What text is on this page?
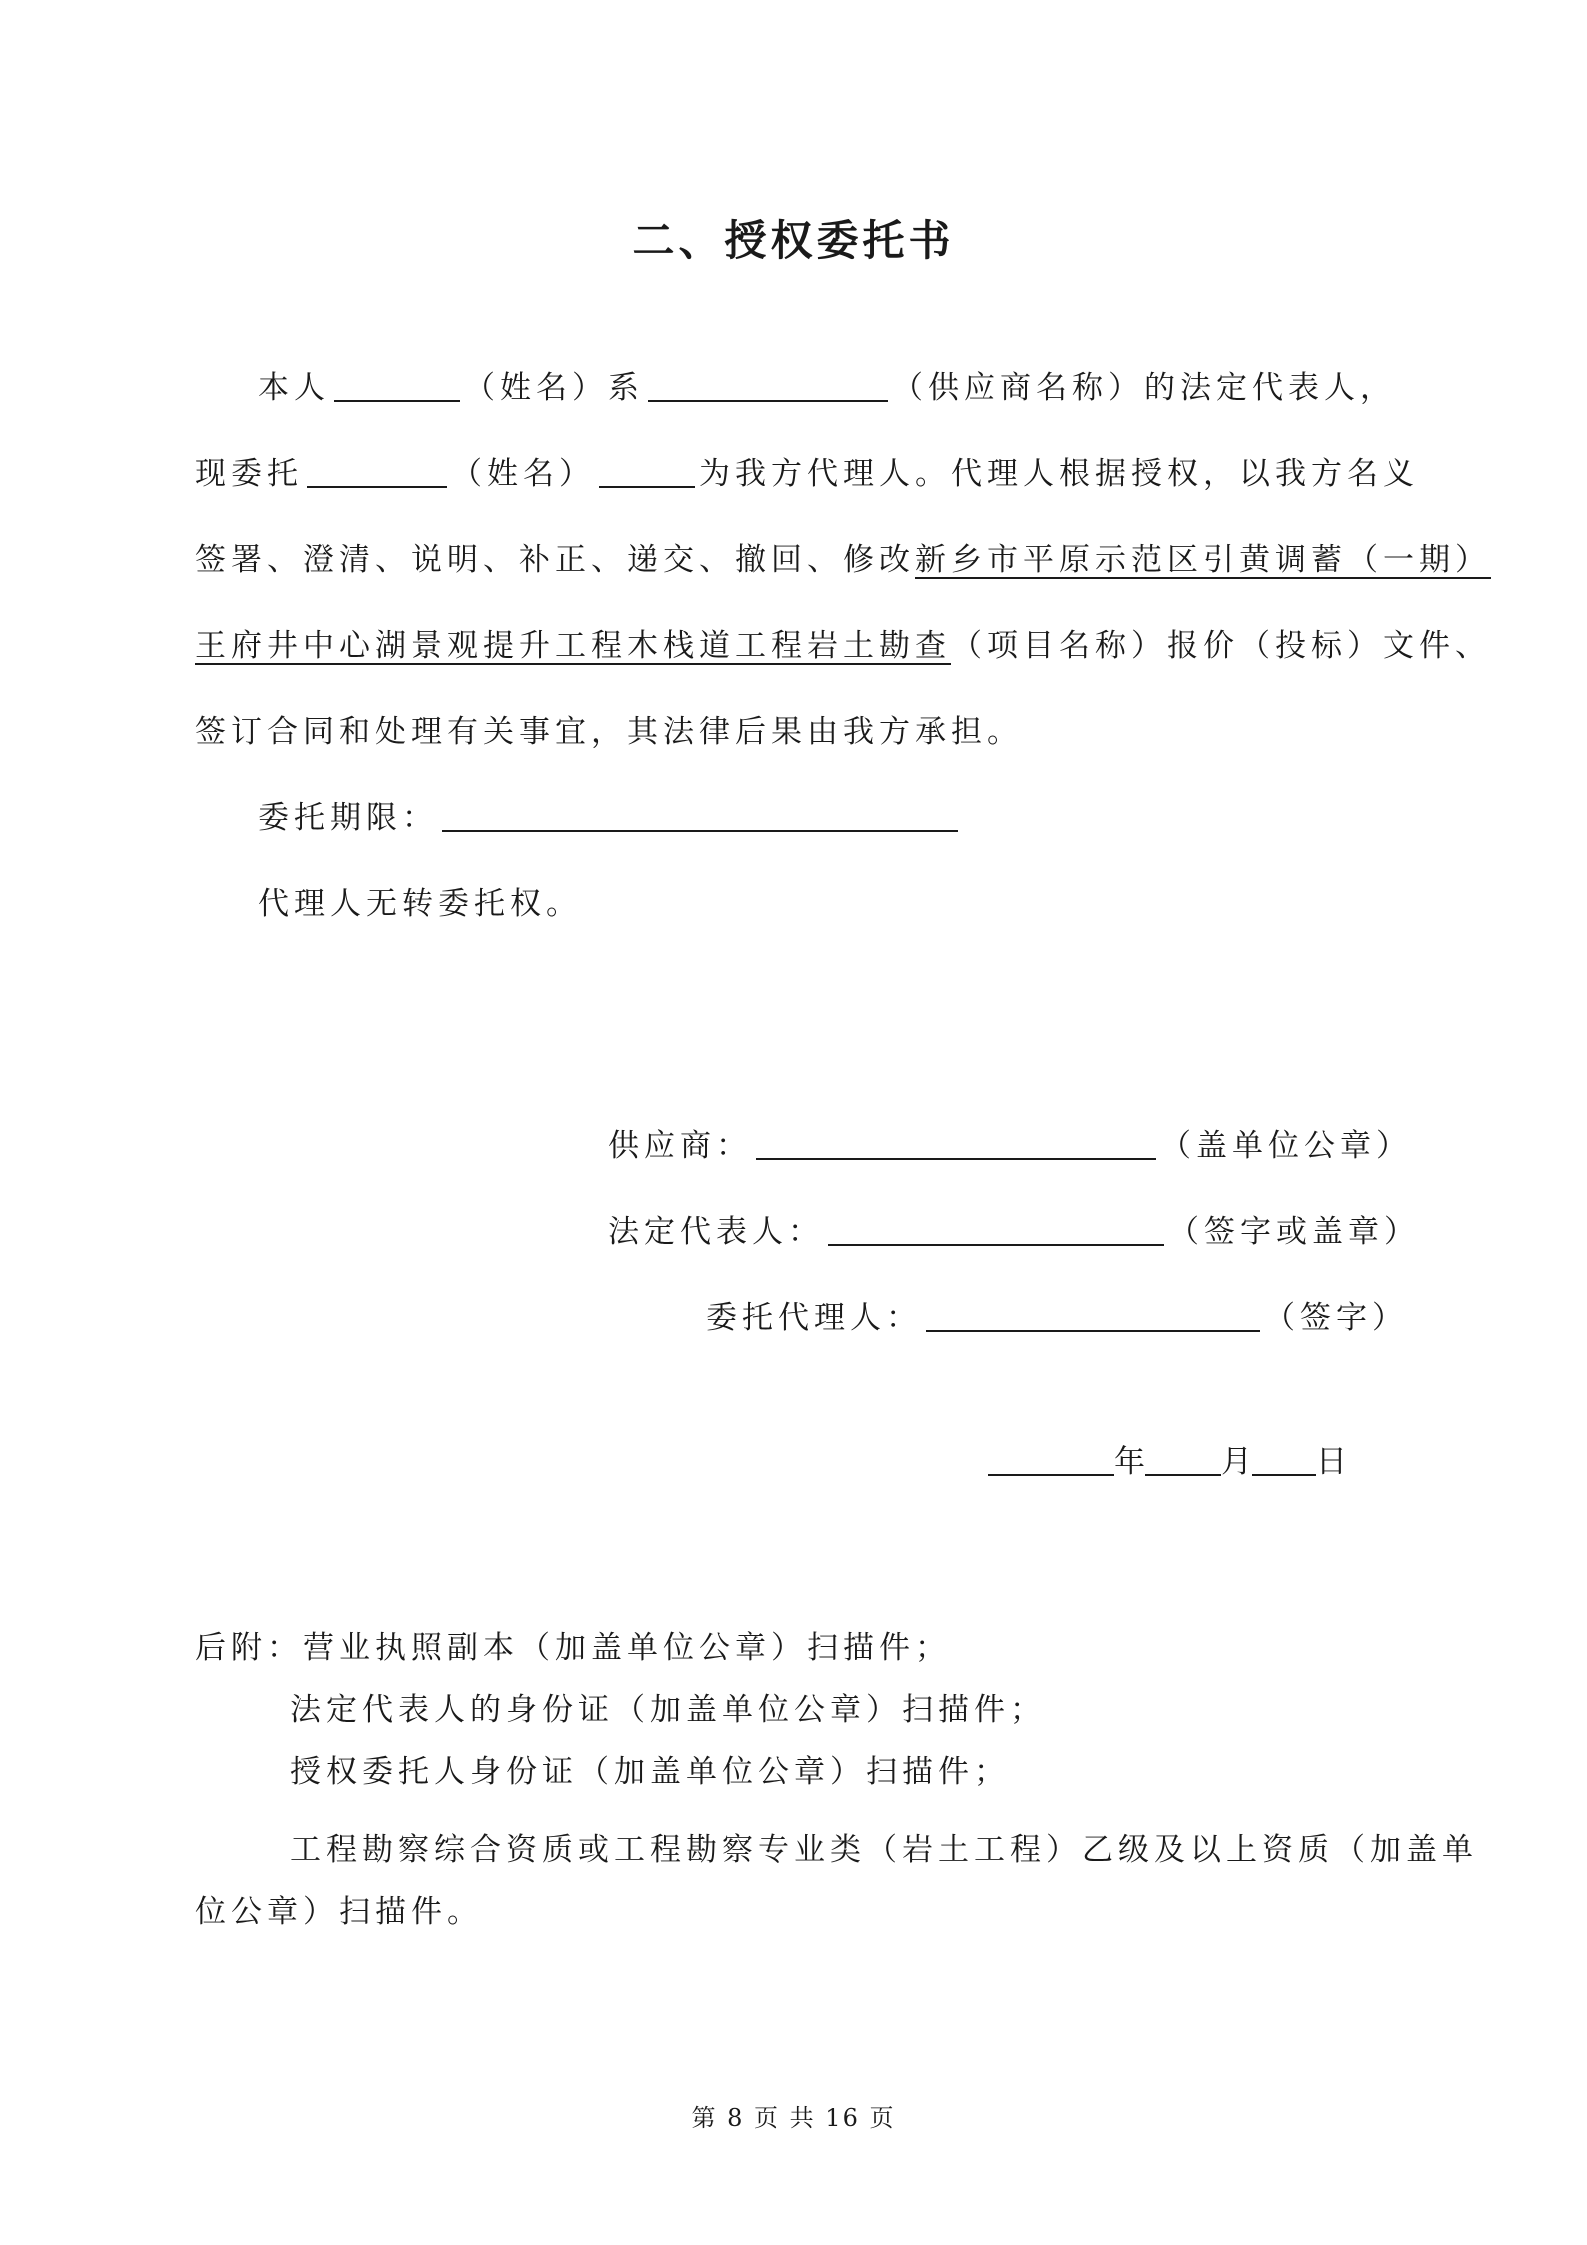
二、授权委托书
本人	（姓名）系	（供应商名称）的法定代表人，
现委托	（姓名）	为我方代理人。代理人根据授权，以我方名义
签署、澄清、说明、补正、递交、撤回、修改新乡市平原示范区引黄调蓄（一期）
王府井中心湖景观提升工程木栈道工程岩土勘查（项目名称）报价（投标）文件、
签订合同和处理有关事宜，其法律后果由我方承担。
委托期限：
代理人无转委托权。
供应商：	（盖单位公章）
法定代表人：	（签字或盖章）
委托代理人：	（签字）
年 月 日
后附：营业执照副本（加盖单位公章）扫描件；
法定代表人的身份证（加盖单位公章）扫描件；
授权委托人身份证（加盖单位公章）扫描件；
工程勘察综合资质或工程勘察专业类（岩土工程）乙级及以上资质（加盖单
位公章）扫描件。
第 8 页 共 16 页
